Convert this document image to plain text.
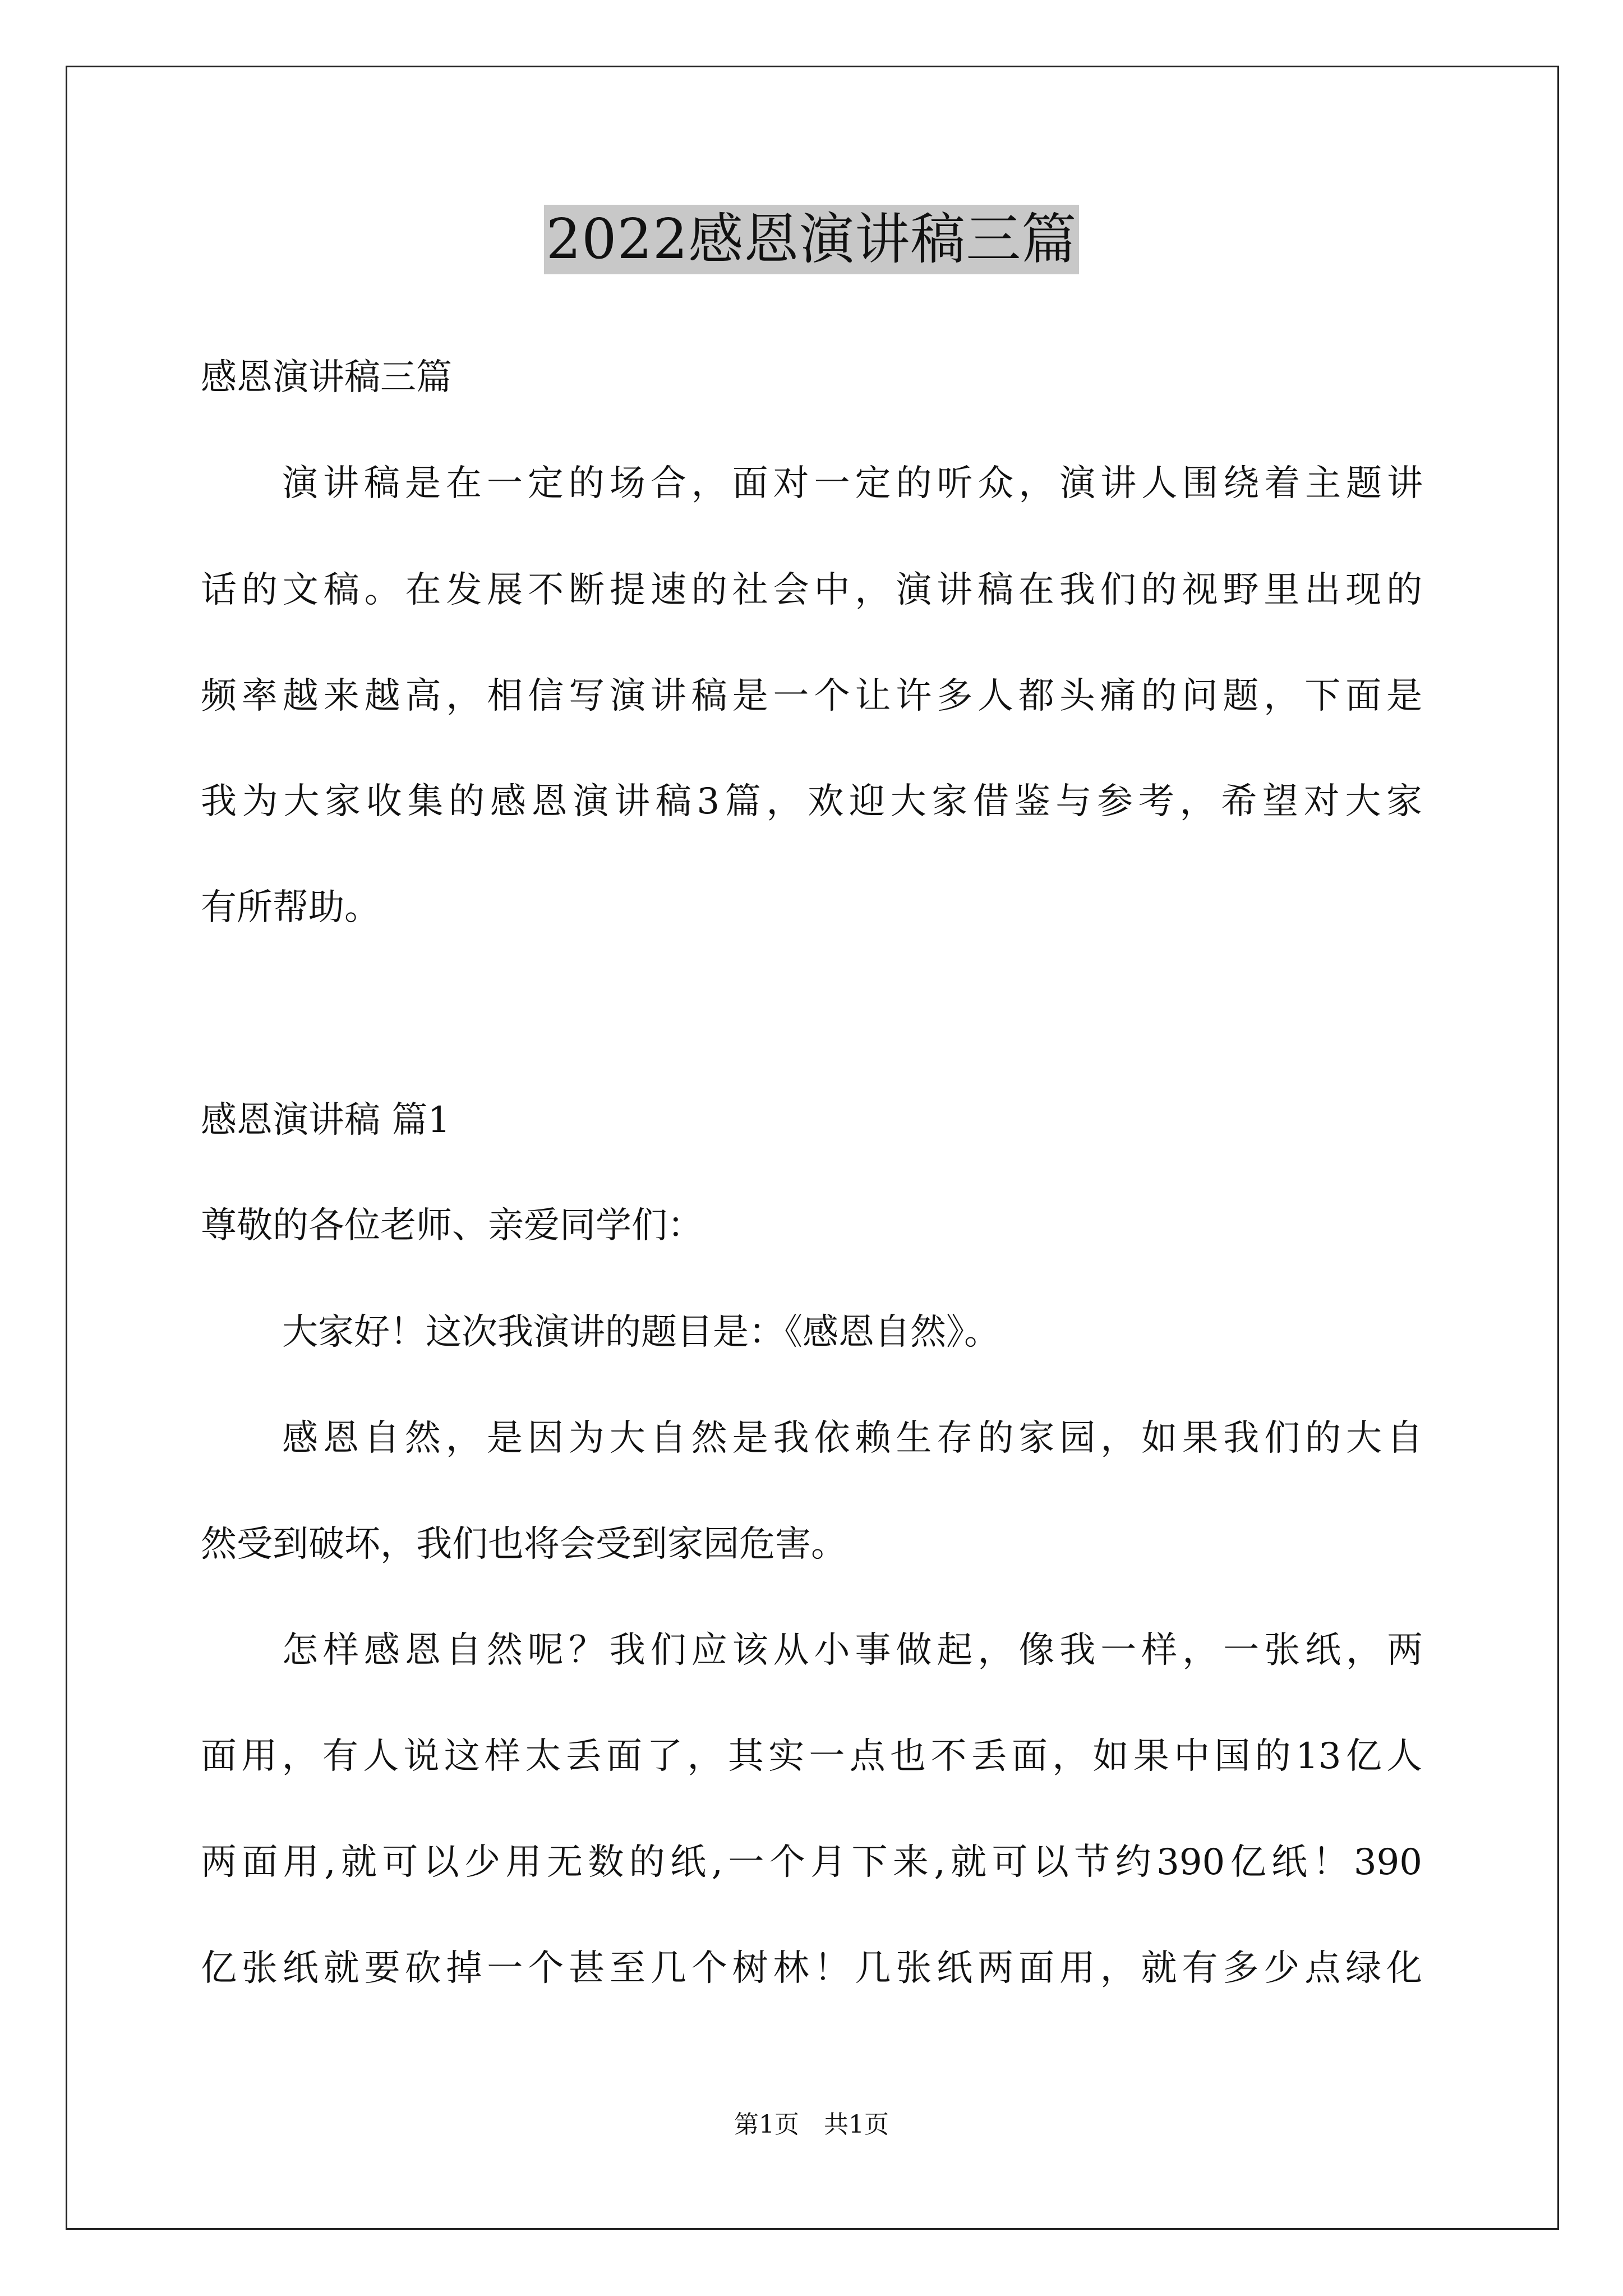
2022感恩演讲稿三篇
感恩演讲稿三篇
演讲稿是在一定的场合，面对一定的听众，演讲人围绕着主题讲
话的文稿。在发展不断提速的社会中，演讲稿在我们的视野里出现的
频率越来越高，相信写演讲稿是一个让许多人都头痛的问题，下面是
我为大家收集的感恩演讲稿3篇，欢迎大家借鉴与参考，希望对大家
有所帮助。
感恩演讲稿 篇1
尊敬的各位老师、亲爱同学们：
大家好！这次我演讲的题目是：《感恩自然》。
感恩自然，是因为大自然是我依赖生存的家园，如果我们的大自
然受到破坏，我们也将会受到家园危害。
怎样感恩自然呢？我们应该从小事做起，像我一样，一张纸，两
面用，有人说这样太丢面了，其实一点也不丢面，如果中国的13亿人
两面用,就可以少用无数的纸,一个月下来,就可以节约390亿纸！390
亿张纸就要砍掉一个甚至几个树林！几张纸两面用，就有多少点绿化
第1页　共1页
